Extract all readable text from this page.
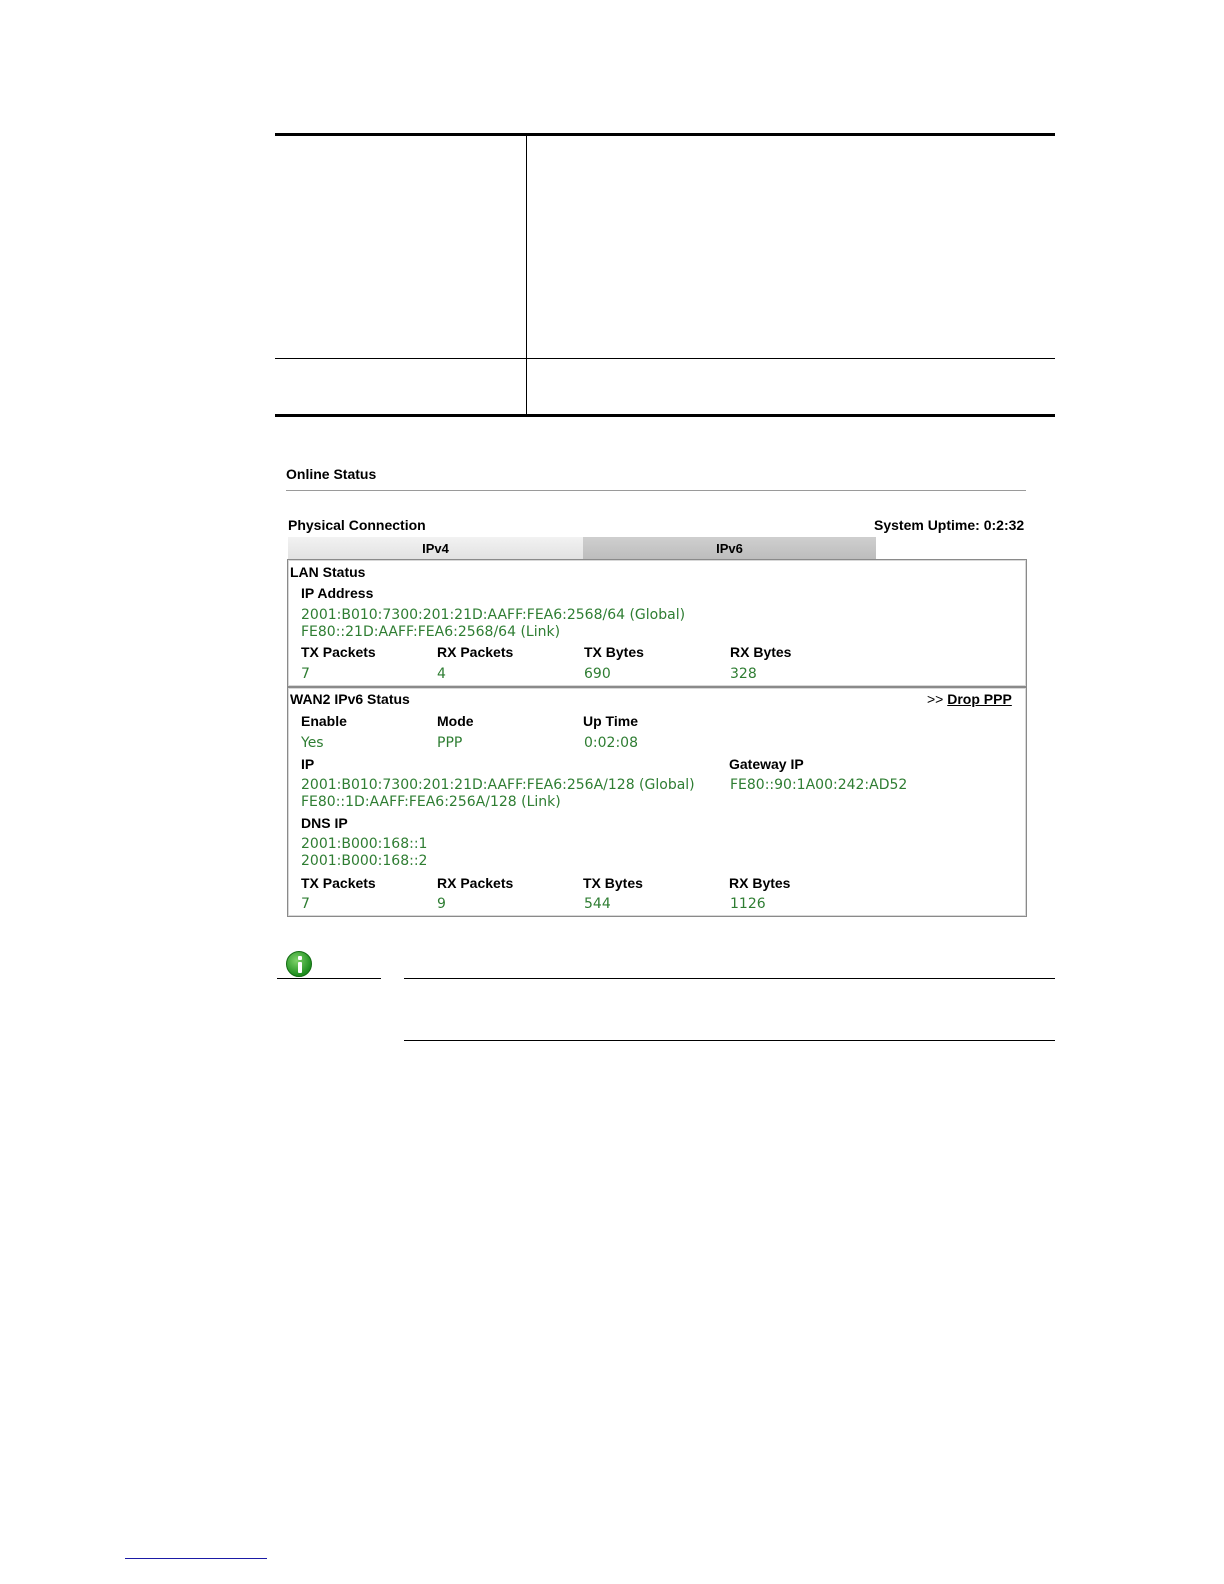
Online Status
Physical Connection	System Uptime: 0:2:32
IPv4	IPv6
LAN Status
IP Address
2001:B010:7300:201:21D:AAFF:FEA6:2568/64 (Global)
FE80::21D:AAFF:FEA6:2568/64 (Link)
TX Packets	RX Packets	TX Bytes	RX Bytes
7	4	690	328
WAN2 IPv6 Status	>> Drop PPP
Enable	Mode	Up Time
Yes	PPP	0:02:08
IP	Gateway IP
2001:B010:7300:201:21D:AAFF:FEA6:256A/128 (Global)	FE80::90:1A00:242:AD52
FE80::1D:AAFF:FEA6:256A/128 (Link)
DNS IP
2001:B000:168::1
2001:B000:168::2
TX Packets	RX Packets	TX Bytes	RX Bytes
7	9	544	1126
